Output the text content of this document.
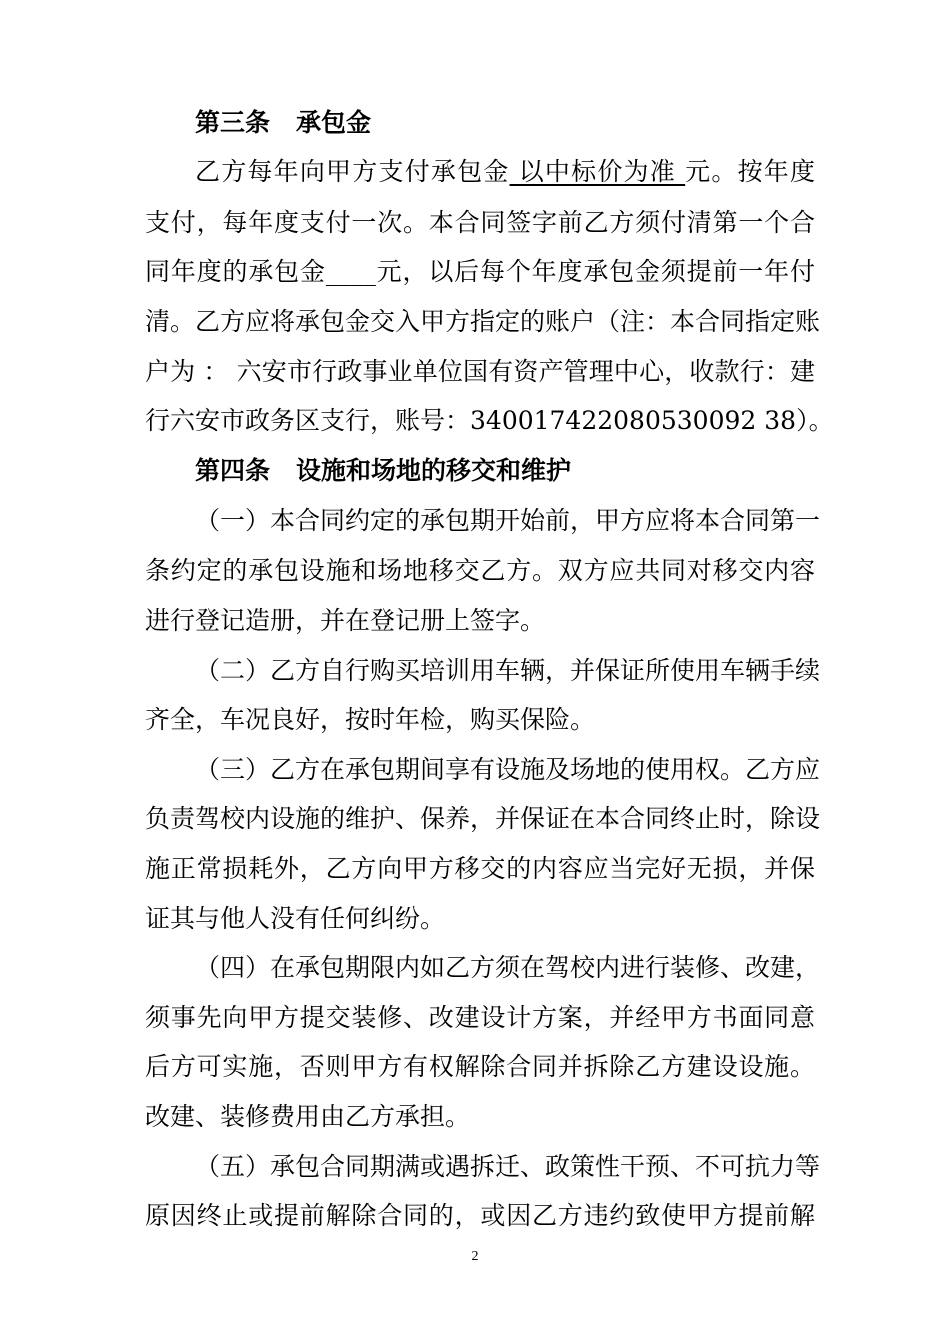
第三条 承包金
乙方每年向甲方支付承包金 以中标价为准 元。按年度
支付，每年度支付一次。本合同签字前乙方须付清第一个合
同年度的承包金____元，以后每个年度承包金须提前一年付
清。乙方应将承包金交入甲方指定的账户（注：本合同指定账
户为 ： 六安市行政事业单位国有资产管理中心，收款行：建
行六安市政务区支行，账号：340017422080530092 38）。
第四条 设施和场地的移交和维护
（一）本合同约定的承包期开始前，甲方应将本合同第一
条约定的承包设施和场地移交乙方。双方应共同对移交内容
进行登记造册，并在登记册上签字。
（二）乙方自行购买培训用车辆，并保证所使用车辆手续
齐全，车况良好，按时年检，购买保险。
（三）乙方在承包期间享有设施及场地的使用权。乙方应
负责驾校内设施的维护、保养，并保证在本合同终止时，除设
施正常损耗外，乙方向甲方移交的内容应当完好无损，并保
证其与他人没有任何纠纷。
（四）在承包期限内如乙方须在驾校内进行装修、改建，
须事先向甲方提交装修、改建设计方案，并经甲方书面同意
后方可实施，否则甲方有权解除合同并拆除乙方建设设施。
改建、装修费用由乙方承担。
（五）承包合同期满或遇拆迁、政策性干预、不可抗力等
原因终止或提前解除合同的，或因乙方违约致使甲方提前解
2
